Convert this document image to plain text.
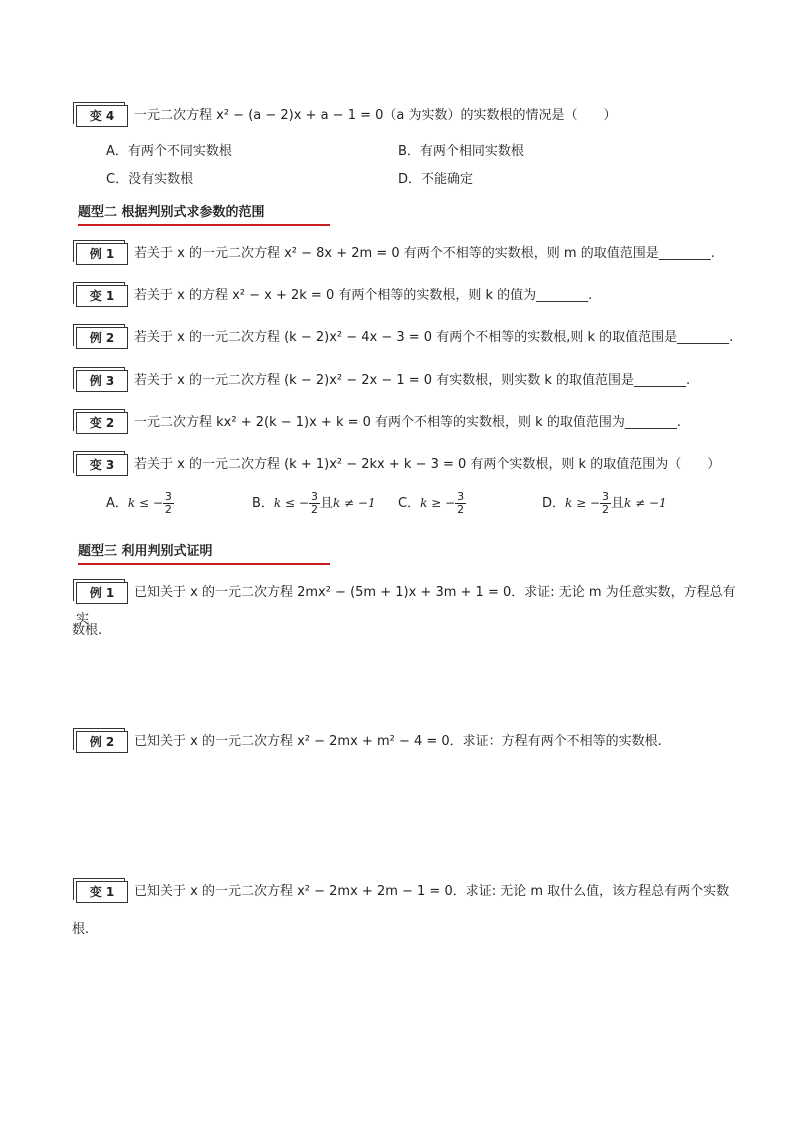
变 4 一元二次方程 x² − (a − 2)x + a − 1 = 0（a 为实数）的实数根的情况是（　　）
A．有两个不同实数根	B．有两个相同实数根
C．没有实数根	D．不能确定
题型二 根据判别式求参数的范围
例 1 若关于 x 的一元二次方程 x² − 8x + 2m = 0 有两个不相等的实数根，则 m 的取值范围是________.
变 1 若关于 x 的方程 x² − x + 2k = 0 有两个相等的实数根，则 k 的值为________.
例 2 若关于 x 的一元二次方程 (k − 2)x² − 4x − 3 = 0 有两个不相等的实数根,则 k 的取值范围是________.
例 3 若关于 x 的一元二次方程 (k − 2)x² − 2x − 1 = 0 有实数根，则实数 k 的取值范围是________.
变 2 一元二次方程 kx² + 2(k − 1)x + k = 0 有两个不相等的实数根，则 k 的取值范围为________.
变 3 若关于 x 的一元二次方程 (k + 1)x² − 2kx + k − 3 = 0 有两个实数根，则 k 的取值范围为（　　）
A．k ≤ − $\frac{3}{2}$	B．k ≤ − $\frac{3}{2}$ 且k ≠ −1 C．k ≥ − $\frac{3}{2}$	D．k ≥ − $\frac{3}{2}$ 且k ≠ −1
题型三 利用判别式证明
例 1 已知关于 x 的一元二次方程 2mx² − (5m + 1)x + 3m + 1 = 0．求证: 无论 m 为任意实数，方程总有实
数根.
例 2 已知关于 x 的一元二次方程 x² − 2mx + m² − 4 = 0．求证：方程有两个不相等的实数根.
变 1 已知关于 x 的一元二次方程 x² − 2mx + 2m − 1 = 0．求证: 无论 m 取什么值，该方程总有两个实数
根.
